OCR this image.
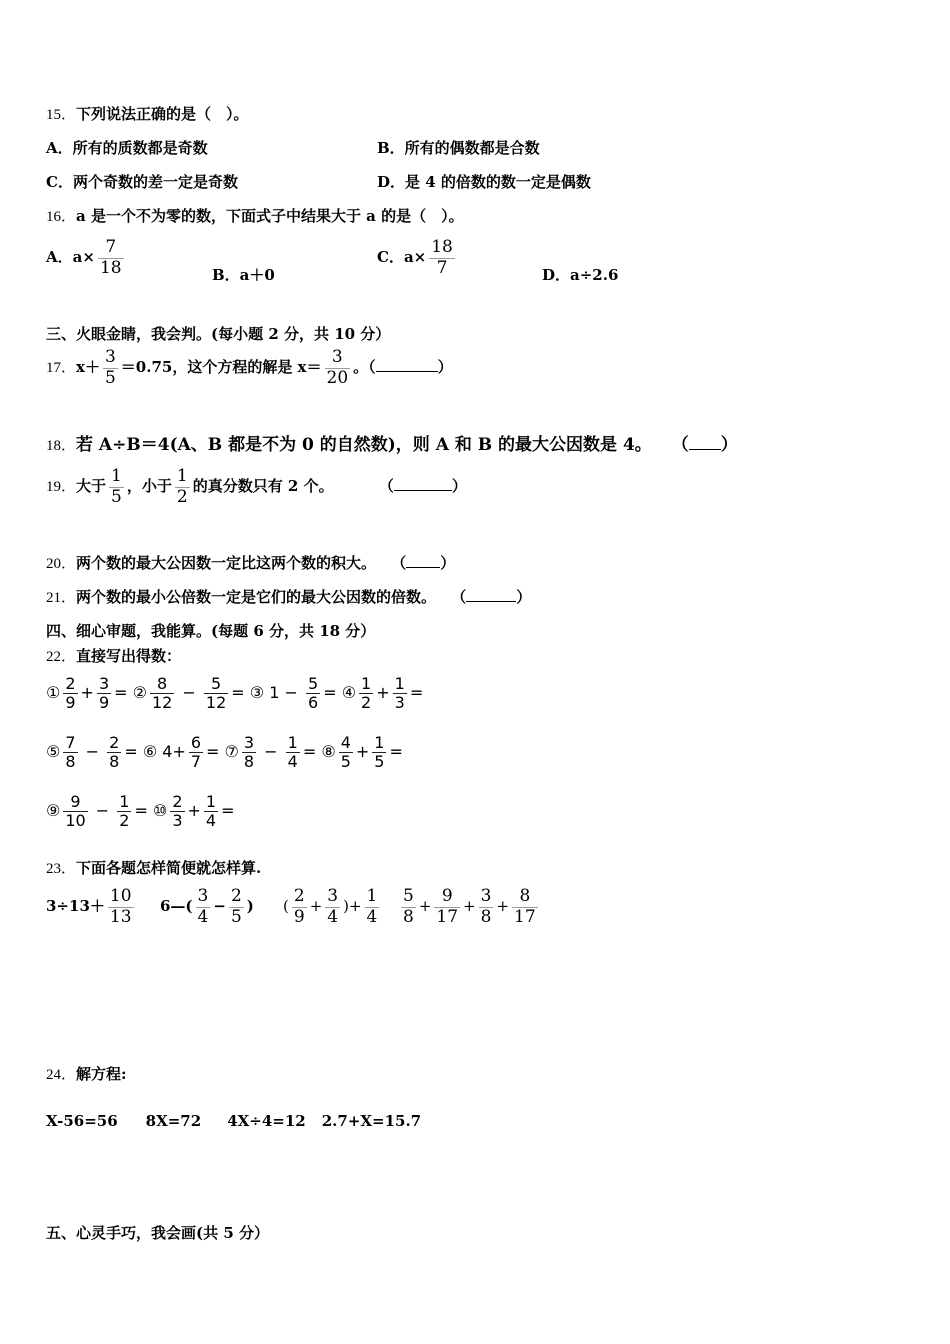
15．下列说法正确的是（　）。
A．所有的质数都是奇数	B．所有的偶数都是合数
C．两个奇数的差一定是奇数	D．是 4 的倍数的数一定是偶数
16．a 是一个不为零的数，下面式子中结果大于 a 的是（　）。
A．$a\times \frac{7}{18}$	B．a＋0
C．$a\times \frac{18}{7}$	D．a÷2.6
三、火眼金睛，我会判。(每小题 2 分，共 10 分）
17．$x+ \frac{3}{5} =0.75$，这个方程的解是 $x= \frac{3}{20}$ 。（	）
18．若 A÷B＝4(A、B 都是不为 0 的自然数)，则 A 和 B 的最大公因数是 4。 （ ）
19．大于 $\frac{1}{5}$ ，小于 $\frac{1}{2}$ 的真分数只有 2 个。	（	）
20．两个数的最大公因数一定比这两个数的积大。 （ ）
21．两个数的最小公倍数一定是它们的最大公因数的倍数。 （	）
四、细心审题，我能算。(每题 6 分，共 18 分）
22．直接写出得数：
① $\frac{2}{9} + \frac{3}{9}$ = ② $\frac{8}{12} - \frac{5}{12}$ = ③ $1 - \frac{5}{6}$ = ④ $\frac{1}{2} + \frac{1}{3}$ =
⑤ $\frac{7}{8} - \frac{2}{8}$ = ⑥ $4+ \frac{6}{7}$ = ⑦ $\frac{3}{8} - \frac{1}{4}$ = ⑧ $\frac{4}{5} + \frac{1}{5}$ =
⑨ $\frac{9}{10} - \frac{1}{2}$ = ⑩ $\frac{2}{3} + \frac{1}{4}$ =
23．下面各题怎样简便就怎样算.
$3\div 13+ \frac{10}{13}$ 6—( $\frac{3}{4} - \frac{2}{5}$ ) ( $\frac{2}{9} + \frac{3}{4}$ )+ $\frac{1}{4} \frac{5}{8} + \frac{9}{17} + \frac{3}{8} + \frac{8}{17}$
24．解方程:
X-56=56 8X=72 4X÷4=12 2.7+X=15.7
五、心灵手巧，我会画(共 5 分）
